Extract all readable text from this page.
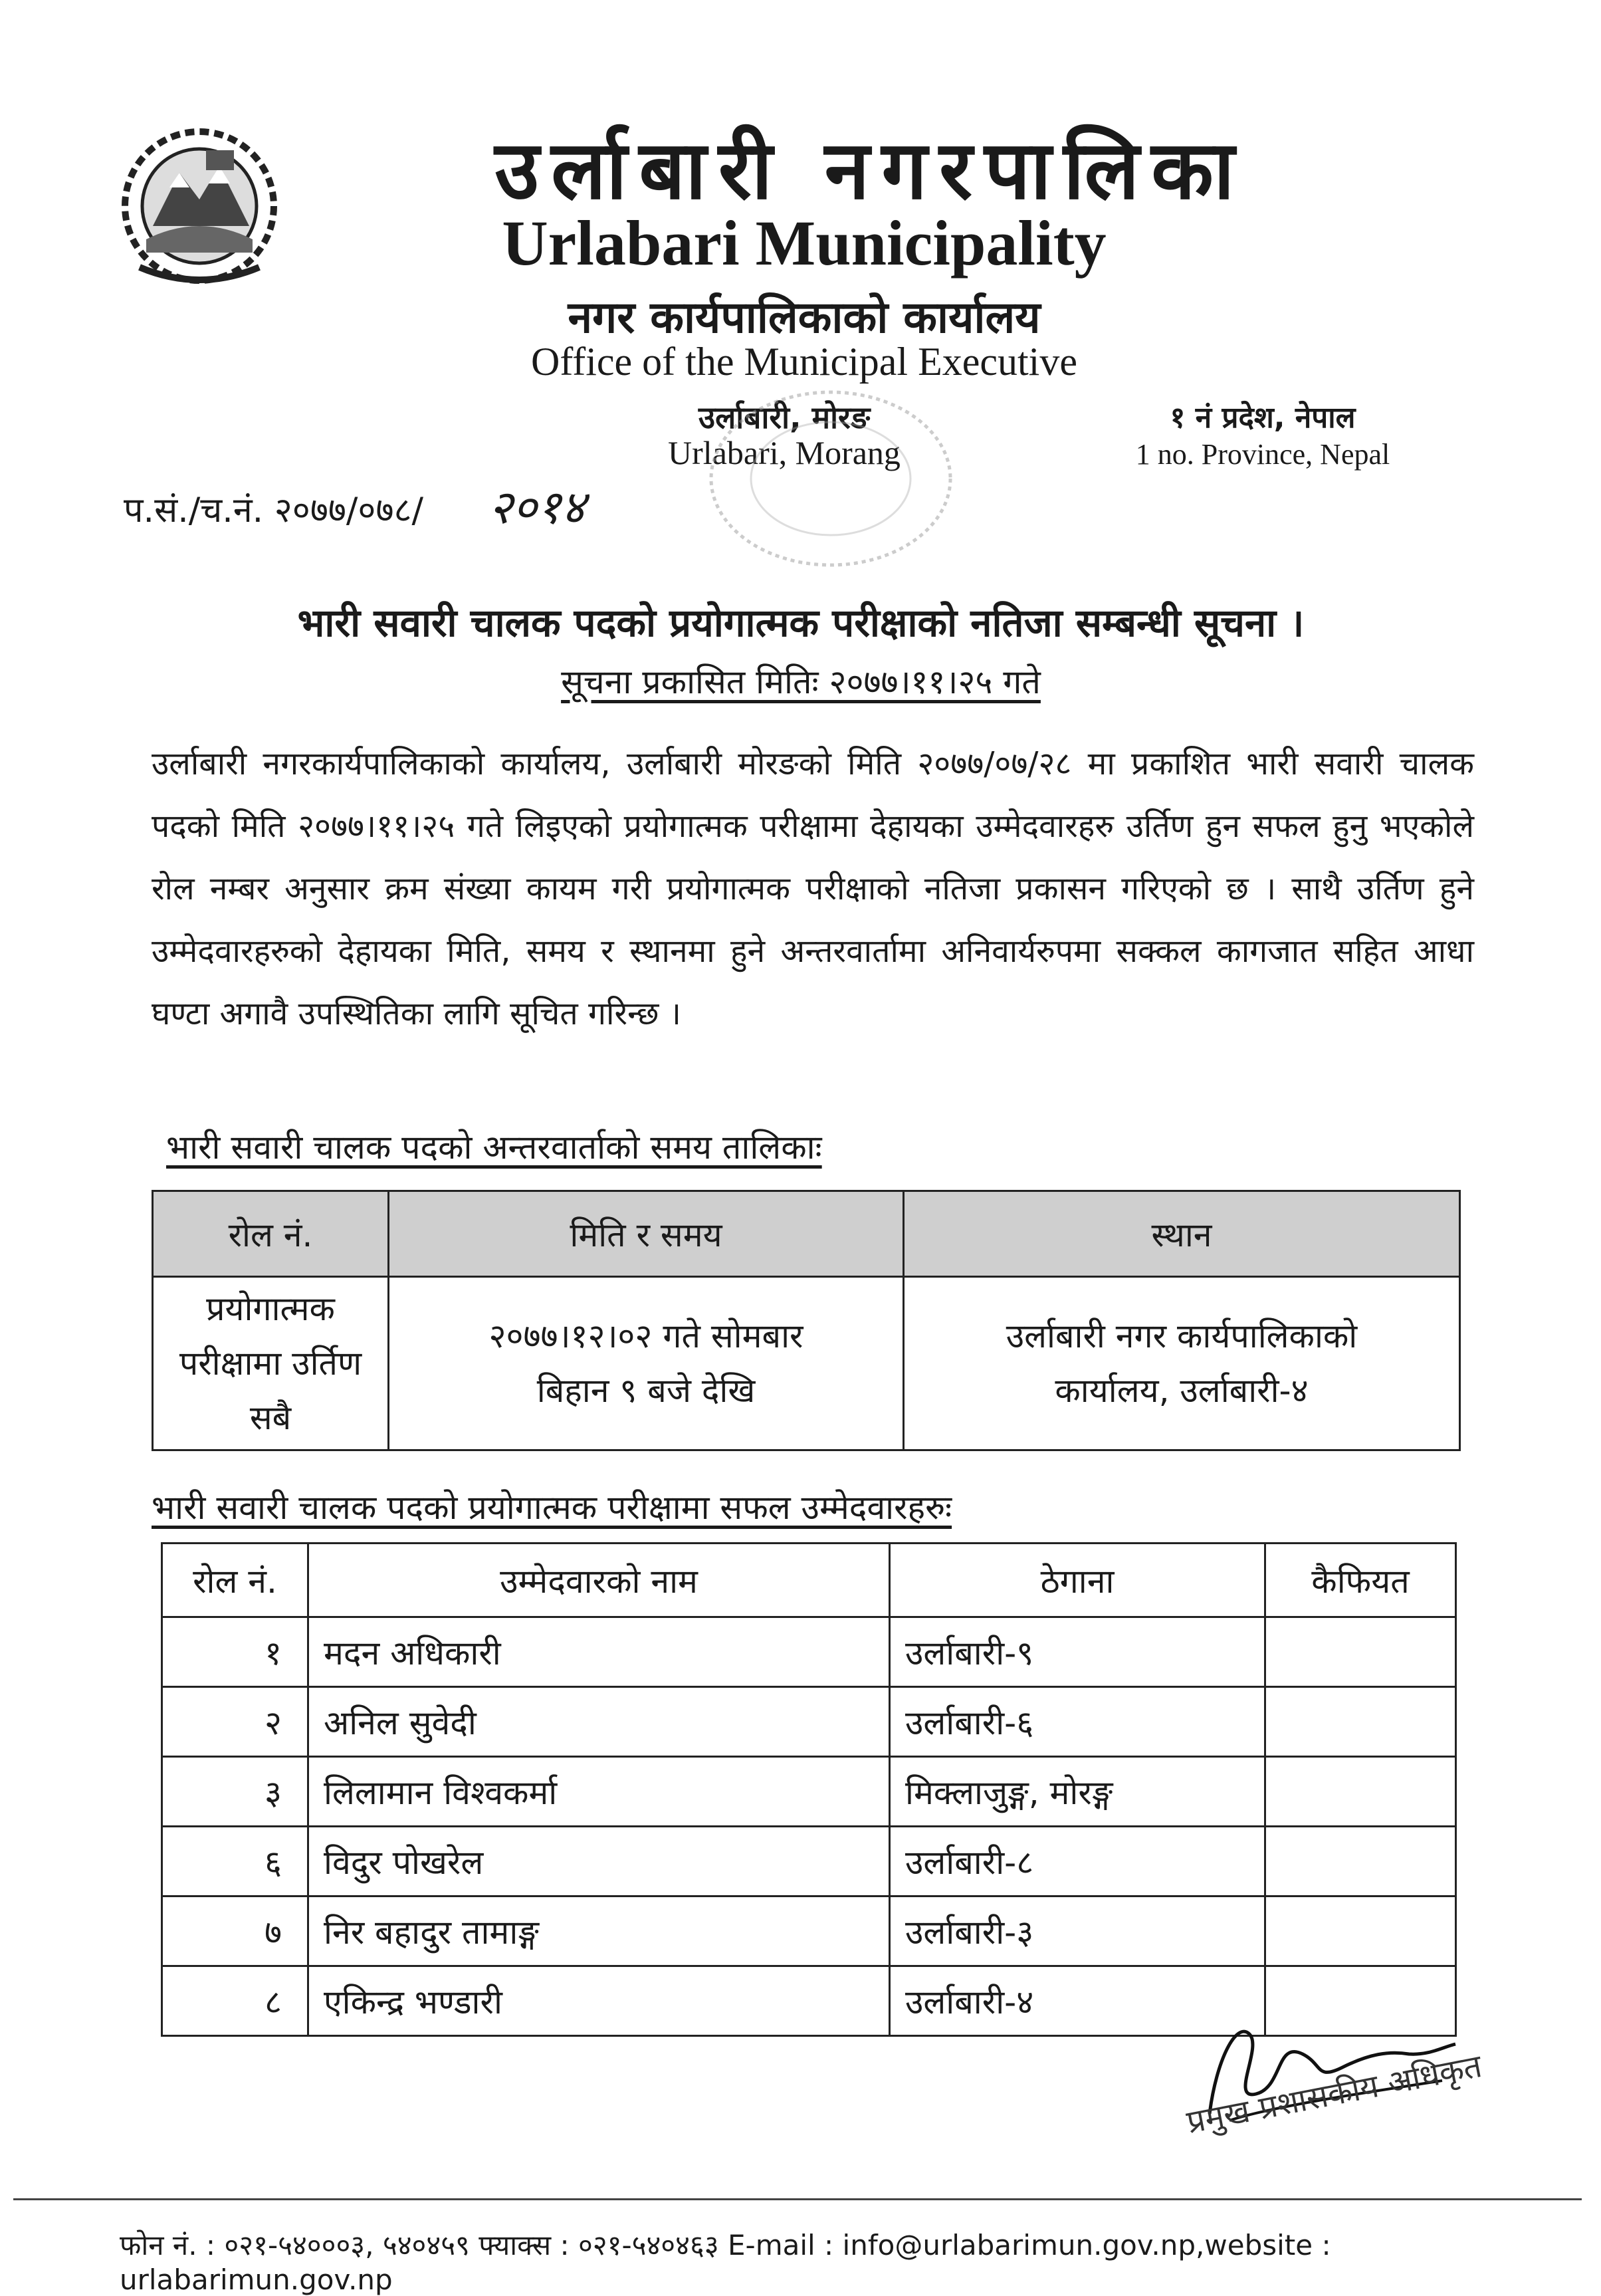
उर्लाबारी नगरपालिका
Urlabari Municipality
नगर कार्यपालिकाको कार्यालय
Office of the Municipal Executive
उर्लाबारी, मोरङ
Urlabari, Morang
१ नं प्रदेश, नेपाल
1 no. Province, Nepal
प.सं./च.नं. २०७७/०७८/ २०१४
भारी सवारी चालक पदको प्रयोगात्मक परीक्षाको नतिजा सम्बन्धी सूचना ।
सूचना प्रकासित मितिः २०७७।११।२५ गते
उर्लाबारी नगरकार्यपालिकाको कार्यालय, उर्लाबारी मोरङको मिति २०७७/०७/२८ मा प्रकाशित भारी सवारी चालक पदको मिति २०७७।११।२५ गते लिइएको प्रयोगात्मक परीक्षामा देहायका उम्मेदवारहरु उर्तिण हुन सफल हुनु भएकोले रोल नम्बर अनुसार क्रम संख्या कायम गरी प्रयोगात्मक परीक्षाको नतिजा प्रकासन गरिएको छ । साथै उर्तिण हुने उम्मेदवारहरुको देहायका मिति, समय र स्थानमा हुने अन्तरवार्तामा अनिवार्यरुपमा सक्कल कागजात सहित आधा घण्टा अगावै उपस्थितिका लागि सूचित गरिन्छ ।
भारी सवारी चालक पदको अन्तरवार्ताको समय तालिकाः
रोल नं.	मिति र समय	स्थान
प्रयोगात्मक परीक्षामा उर्तिण सबै	२०७७।१२।०२ गते सोमबार बिहान ९ बजे देखि	उर्लाबारी नगर कार्यपालिकाको कार्यालय, उर्लाबारी-४
भारी सवारी चालक पदको प्रयोगात्मक परीक्षामा सफल उम्मेदवारहरुः
रोल नं.	उम्मेदवारको नाम	ठेगाना	कैफियत
१	मदन अधिकारी	उर्लाबारी-९	
२	अनिल सुवेदी	उर्लाबारी-६	
३	लिलामान विश्वकर्मा	मिक्लाजुङ्ग, मोरङ्ग	
६	विदुर पोखरेल	उर्लाबारी-८	
७	निर बहादुर तामाङ्ग	उर्लाबारी-३	
८	एकिन्द्र भण्डारी	उर्लाबारी-४	
प्रमुख प्रशासकीय अधिकृत
फोन नं. : ०२१-५४०००३, ५४०४५९ फ्याक्स : ०२१-५४०४६३ E-mail : info@urlabarimun.gov.np,website : urlabarimun.gov.np
